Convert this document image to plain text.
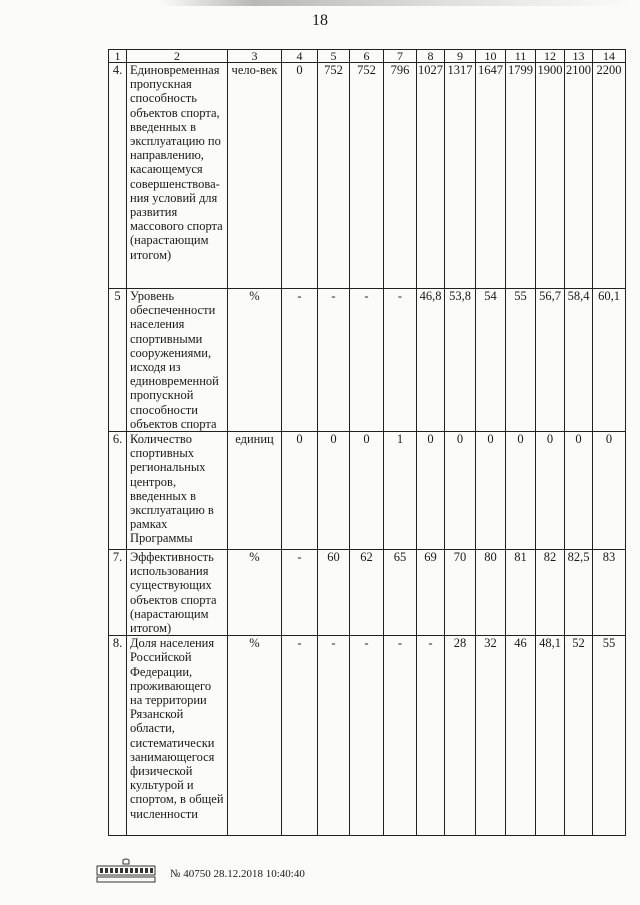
18
1	2	3	4	5	6	7	8	9	10	11	12	13	14
4.	Единовременная пропускная способность объектов спорта, введенных в эксплуатацию по направлению, касающемуся совершенствова-ния условий для развития массового спорта (нарастающим итогом)	чело-век	0	752	752	796	1027	1317	1647	1799	1900	2100	2200
5	Уровень обеспеченности населения спортивными сооружениями, исходя из единовременной пропускной способности объектов спорта	%	-	-	-	-	46,8	53,8	54	55	56,7	58,4	60,1
6.	Количество спортивных региональных центров, введенных в эксплуатацию в рамках Программы	единиц	0	0	0	1	0	0	0	0	0	0	0
7.	Эффективность использования существующих объектов спорта (нарастающим итогом)	%	-	60	62	65	69	70	80	81	82	82,5	83
8.	Доля населения Российской Федерации, проживающего на территории Рязанской области, систематически занимающегося физической культурой и спортом, в общей численности	%	-	-	-	-	-	28	32	46	48,1	52	55
№ 40750 28.12.2018 10:40:40
